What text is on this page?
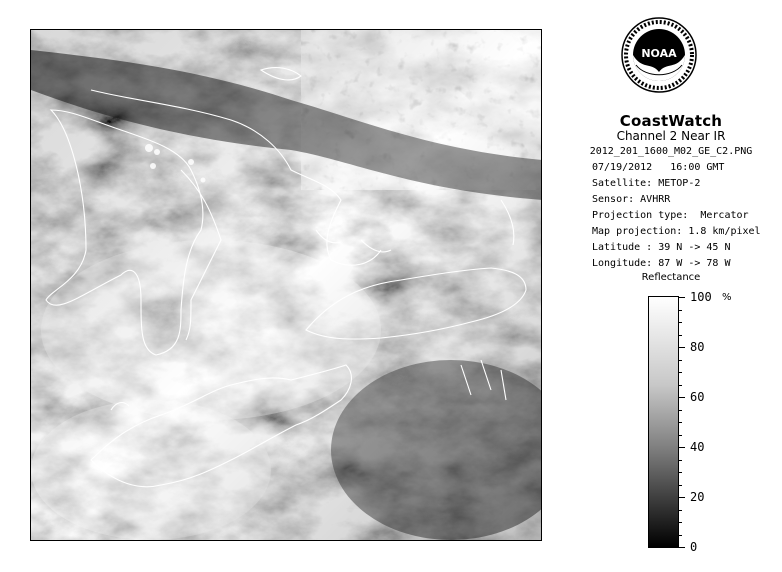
NOAA
CoastWatch
Channel 2 Near IR
2012_201_1600_M02_GE_C2.PNG
07/19/2012   16:00 GMT
Satellite: METOP-2
Sensor: AVHRR
Projection type:  Mercator
Map projection: 1.8 km/pixel
Latitude : 39 N -> 45 N
Longitude: 87 W -> 78 W
Reflectance
%
100
80
60
40
20
0
